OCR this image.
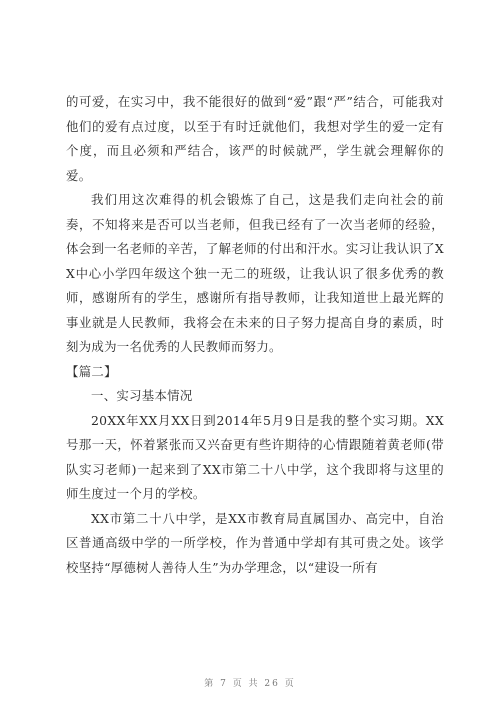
的可爱，在实习中，我不能很好的做到“爱”跟“严”结合，可能我对他们的爱有点过度，以至于有时迁就他们，我想对学生的爱一定有个度，而且必须和严结合，该严的时候就严，学生就会理解你的爱。

我们用这次难得的机会锻炼了自己，这是我们走向社会的前奏，不知将来是否可以当老师，但我已经有了一次当老师的经验，体会到一名老师的辛苦，了解老师的付出和汗水。实习让我认识了XX中心小学四年级这个独一无二的班级，让我认识了很多优秀的教师，感谢所有的学生，感谢所有指导教师，让我知道世上最光辉的事业就是人民教师，我将会在未来的日子努力提高自身的素质，时刻为成为一名优秀的人民教师而努力。

【篇二】

一、实习基本情况

20XX年XX月XX日到2014年5月9日是我的整个实习期。XX号那一天，怀着紧张而又兴奋更有些许期待的心情跟随着黄老师(带队实习老师)一起来到了XX市第二十八中学，这个我即将与这里的师生度过一个月的学校。

XX市第二十八中学，是XX市教育局直属国办、高完中，自治区普通高级中学的一所学校，作为普通中学却有其可贵之处。该学校坚持“厚德树人善待人生”为办学理念，以“建设一所有

第 7 页 共 26 页
